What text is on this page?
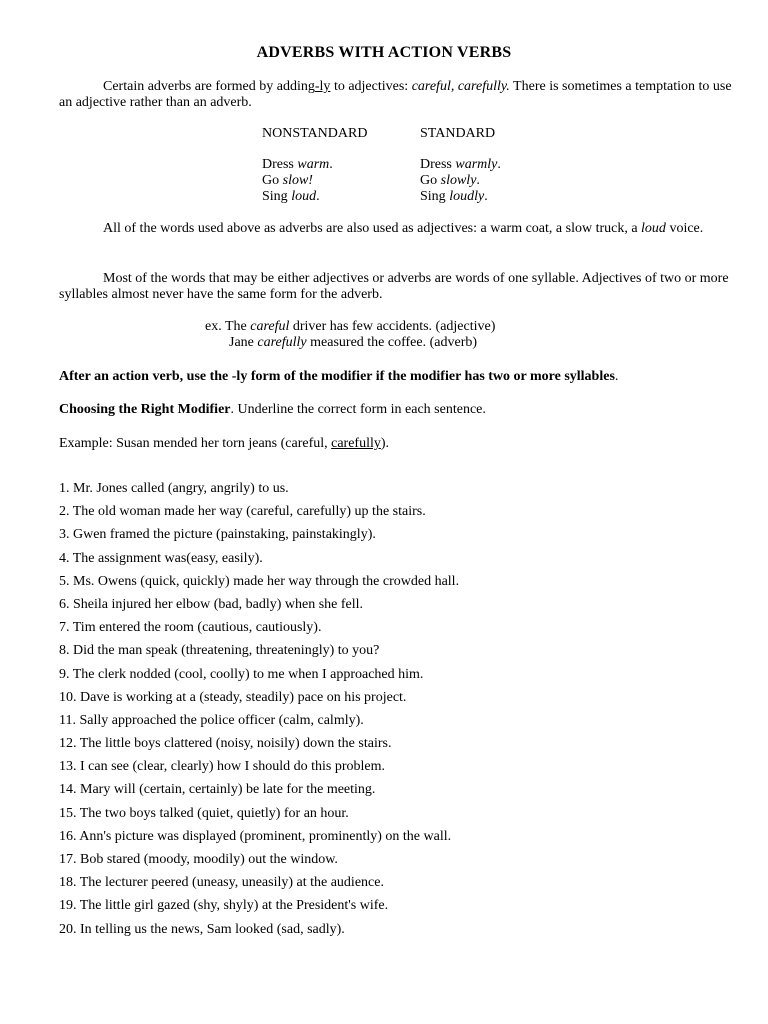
ADVERBS WITH ACTION VERBS

Certain adverbs are formed by adding-ly to adjectives: careful, carefully. There is sometimes a temptation to use an adjective rather than an adverb.

NONSTANDARD
Dress warm.
Go slow!
Sing loud.
STANDARD
Dress warmly.
Go slowly.
Sing loudly.

All of the words used above as adverbs are also used as adjectives: a warm coat, a slow truck, a loud voice.

Most of the words that may be either adjectives or adverbs are words of one syllable. Adjectives of two or more syllables almost never have the same form for the adverb.

ex. The careful driver has few accidents. (adjective)
Jane carefully measured the coffee. (adverb)
After an action verb, use the -ly form of the modifier if the modifier has two or more syllables.
Choosing the Right Modifier. Underline the correct form in each sentence.
Example: Susan mended her torn jeans (careful, carefully).
1. Mr. Jones called (angry, angrily) to us.
2. The old woman made her way (careful, carefully) up the stairs.
3. Gwen framed the picture (painstaking, painstakingly).
4. The assignment was(easy, easily).
5. Ms. Owens (quick, quickly) made her way through the crowded hall.
6. Sheila injured her elbow (bad, badly) when she fell.
7. Tim entered the room (cautious, cautiously).
8. Did the man speak (threatening, threateningly) to you?
9. The clerk nodded (cool, coolly) to me when I approached him.
10. Dave is working at a (steady, steadily) pace on his project.
11. Sally approached the police officer (calm, calmly).
12. The little boys clattered (noisy, noisily) down the stairs.
13. I can see (clear, clearly) how I should do this problem.
14. Mary will (certain, certainly) be late for the meeting.
15. The two boys talked (quiet, quietly) for an hour.
16. Ann's picture was displayed (prominent, prominently) on the wall.
17. Bob stared (moody, moodily) out the window.
18. The lecturer peered (uneasy, uneasily) at the audience.
19. The little girl gazed (shy, shyly) at the President's wife.
20. In telling us the news, Sam looked (sad, sadly).
